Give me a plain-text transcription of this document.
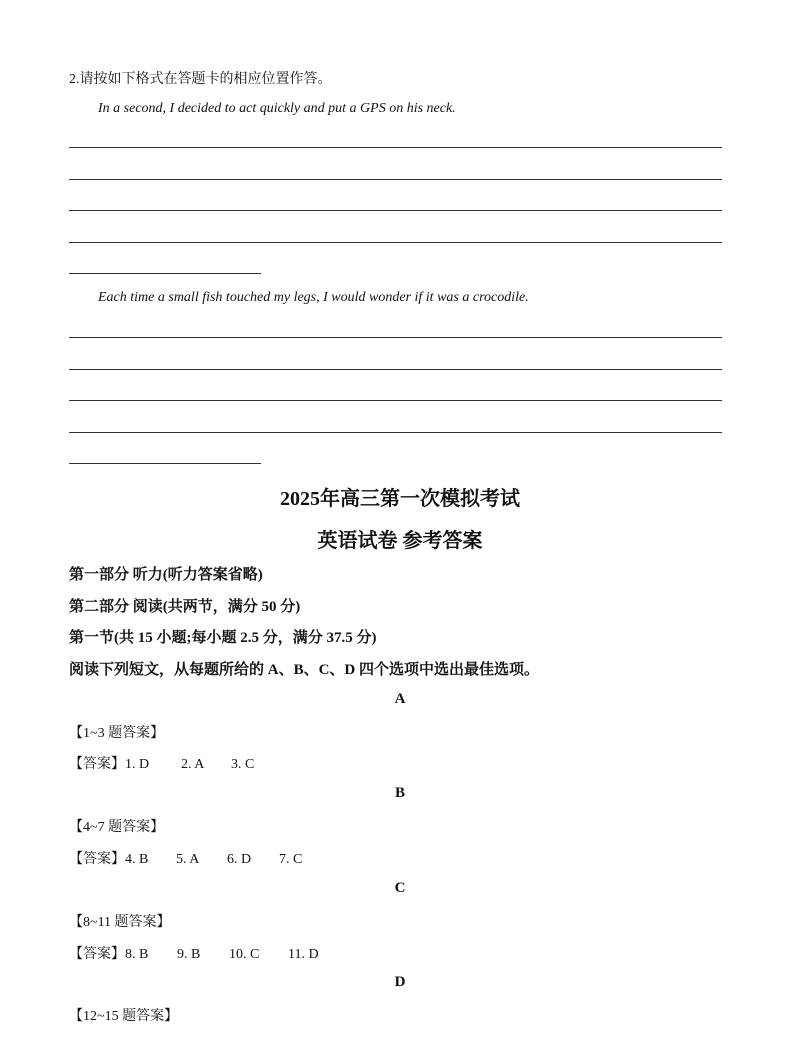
2.请按如下格式在答题卡的相应位置作答。
In a second, I decided to act quickly and put a GPS on his neck.
Each time a small fish touched my legs, I would wonder if it was a crocodile.
2025年高三第一次模拟考试
英语试卷 参考答案
第一部分 听力(听力答案省略)
第二部分 阅读(共两节，满分 50 分)
第一节(共 15 小题;每小题 2.5 分，满分 37.5 分)
阅读下列短文，从每题所给的 A、B、C、D 四个选项中选出最佳选项。
A
【1~3 题答案】
【答案】1. D 2. A 3. C
B
【4~7 题答案】
【答案】4. B 5. A 6. D 7. C
C
【8~11 题答案】
【答案】8. B 9. B 10. C 11. D
D
【12~15 题答案】
